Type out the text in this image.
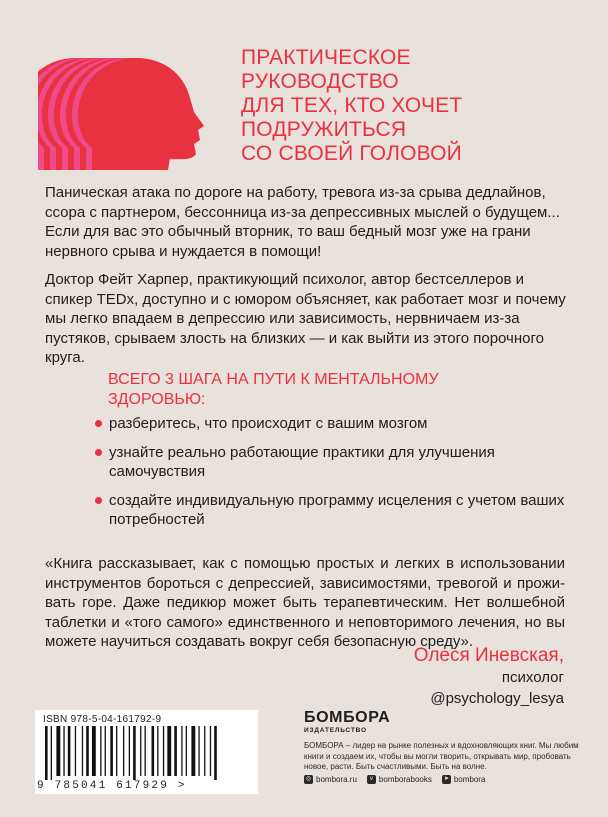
ПРАКТИЧЕСКОЕ
РУКОВОДСТВО
ДЛЯ ТЕХ, КТО ХОЧЕТ
ПОДРУЖИТЬСЯ
СО СВОЕЙ ГОЛОВОЙ
Паническая атака по дороге на работу, тревога из-за срыва дедлайнов, ссора с партнером, бессонница из-за депрессивных мыслей о будущем... Если для вас это обычный вторник, то ваш бедный мозг уже на грани нервного срыва и нуждается в помощи!
Доктор Фейт Харпер, практикующий психолог, автор бестселлеров и спикер TEDx, доступно и с юмором объясняет, как работает мозг и почему мы легко впадаем в депрессию или зависимость, нервничаем из-за пустяков, срываем злость на близких — и как выйти из этого порочного круга.
ВСЕГО 3 ШАГА НА ПУТИ К МЕНТАЛЬНОМУ ЗДОРОВЬЮ:
разберитесь, что происходит с вашим мозгом
узнайте реально работающие практики для улучшения самочувствия
создайте индивидуальную программу исцеления с учетом ваших потребностей
«Книга рассказывает, как с помощью простых и легких в использовании инструментов бороться с депрессией, зависимостями, тревогой и проживать горе. Даже педикюр может быть терапевтическим. Нет волшебной таблетки и «того самого» единственного и неповторимого лечения, но вы можете научиться создавать вокруг себя безопасную среду».
Олеся Иневская,
психолог
@psychology_lesya
ISBN 978-5-04-161792-9
9 785041 617929 >
БОМБОРА
ИЗДАТЕЛЬСТВО
БОМБОРА – лидер на рынке полезных и вдохновляющих книг. Мы любим книги и создаем их, чтобы вы могли творить, открывать мир, пробовать новое, расти. Быть счастливыми. Быть на волне.
◎ bombora.ru	v bomborabooks	➤ bombora
